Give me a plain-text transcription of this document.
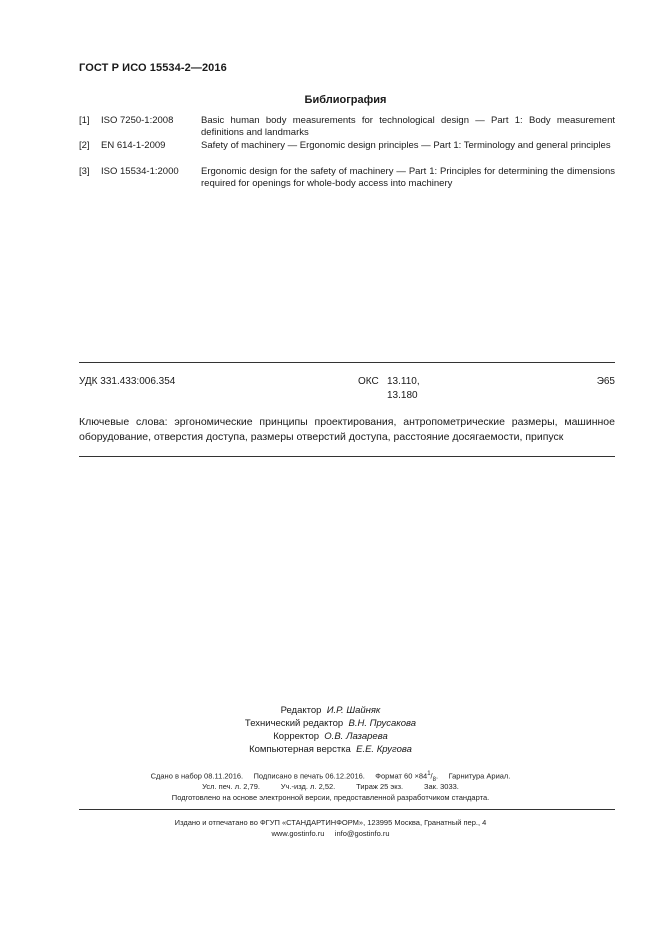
ГОСТ Р ИСО 15534-2—2016
Библиография
[1] ISO 7250-1:2008	Basic human body measurements for technological design — Part 1: Body measurement definitions and landmarks
[2] EN 614-1-2009	Safety of machinery — Ergonomic design principles — Part 1: Terminology and general principles
[3] ISO 15534-1:2000 Ergonomic design for the safety of machinery — Part 1: Principles for determining the dimensions required for openings for whole-body access into machinery
УДК 331.433:006.354	ОКС 13.110,
13.180
Э65
Ключевые слова: эргономические принципы проектирования, антропометрические размеры, машинное
оборудование, отверстия доступа, размеры отверстий доступа, расстояние досягаемости, припуск
Редактор И.Р. Шайняк
Технический редактор В.Н. Прусакова
Корректор О.В. Лазарева
Компьютерная верстка Е.Е. Кругова
Сдано в набор 08.11.2016.     Подписано в печать 06.12.2016.     Формат $60 \times 84^1/_8$.     Гарнитура Ариал.
Усл. печ. л. 2,79.          Уч.-изд. л. 2,52.          Тираж 25 экз.          Зак. 3033.
Подготовлено на основе электронной версии, предоставленной разработчиком стандарта.
Издано и отпечатано во ФГУП «СТАНДАРТИНФОРМ», 123995 Москва, Гранатный пер., 4
www.gostinfo.ru     info@gostinfo.ru
